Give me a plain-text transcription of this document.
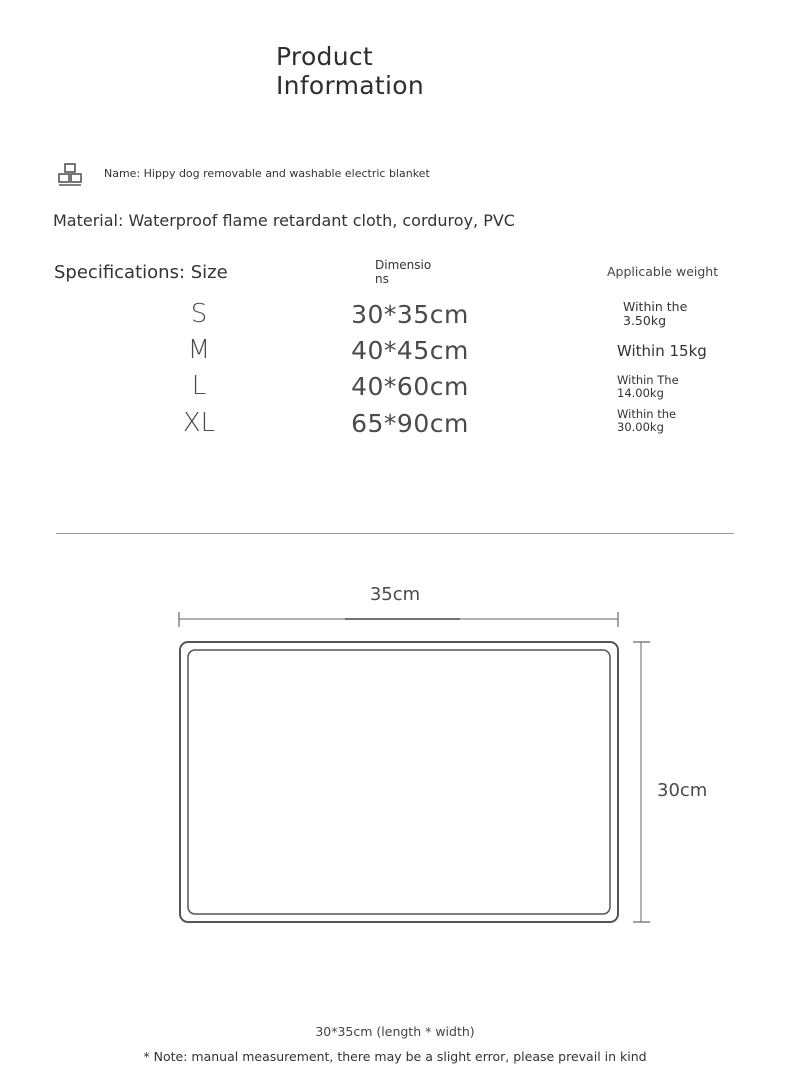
Product
Information
Name: Hippy dog removable and washable electric blanket
Material: Waterproof flame retardant cloth, corduroy, PVC
Specifications: Size	Dimensions	Applicable weight
S	30*35cm	Within the 3.50kg
M	40*45cm	Within 15kg
L	40*60cm	Within The 14.00kg
XL	65*90cm	Within the 30.00kg
35cm
30cm
30*35cm (length * width)
* Note: manual measurement, there may be a slight error, please prevail in kind
